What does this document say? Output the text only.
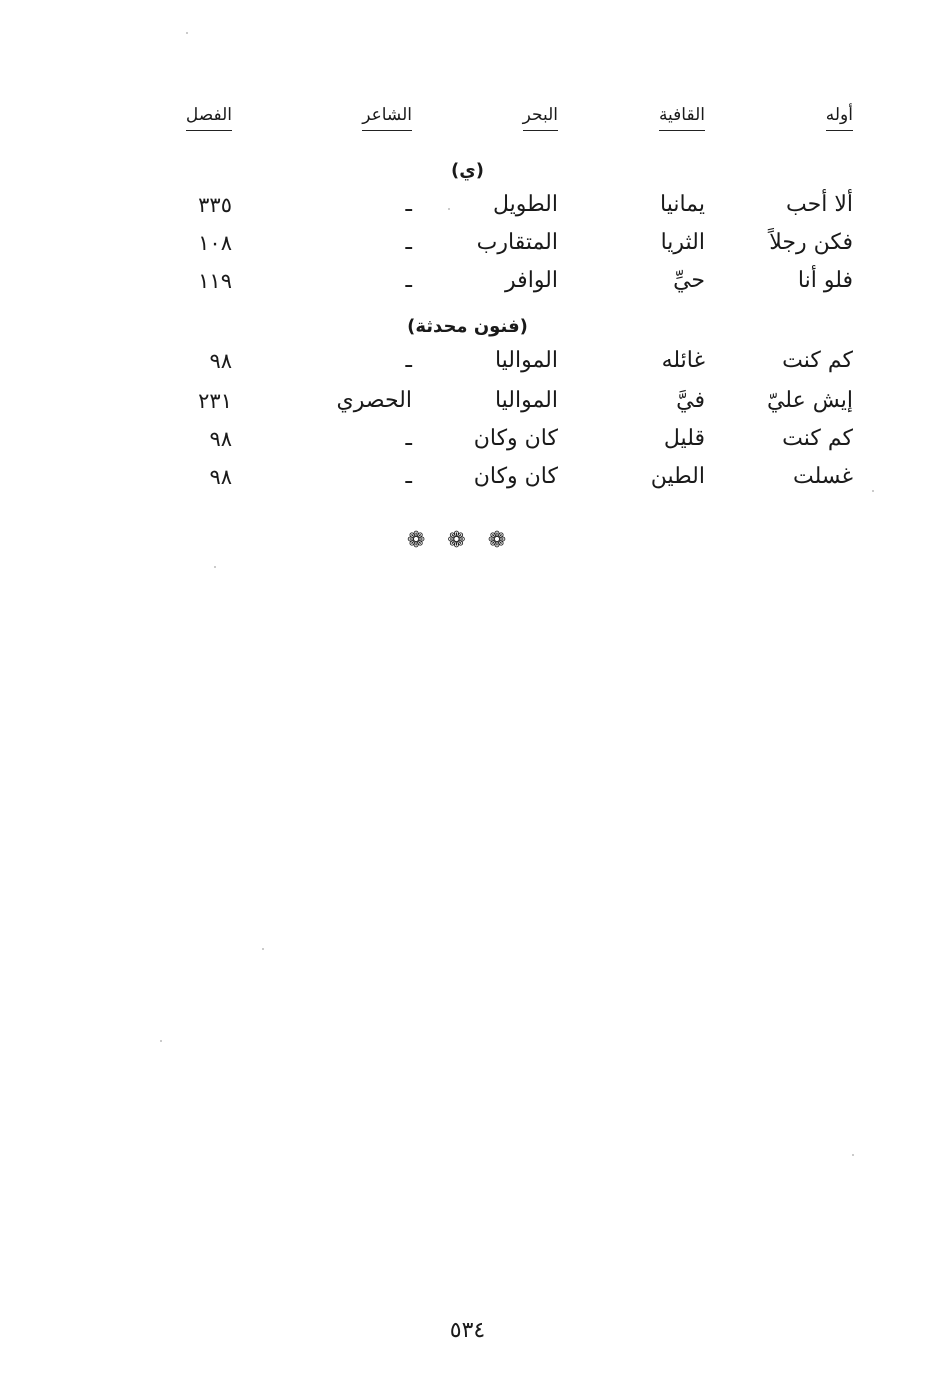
أوله
القافية
البحر
الشاعر
الفصل
(ي)
ألا أحب
يمانيا
الطويل
ـ
٣٣٥
فكن رجلاً
الثريا
المتقارب
ـ
١٠٨
فلو أنا
حيِّ
الوافر
ـ
١١٩
(فنون محدثة)
كم كنت
غائله
المواليا
ـ
٩٨
إيش عليّ
فيَّ
المواليا
الحصري
٢٣١
كم كنت
قليل
كان وكان
ـ
٩٨
غسلت
الطين
كان وكان
ـ
٩٨
❁❁❁
٥٣٤
